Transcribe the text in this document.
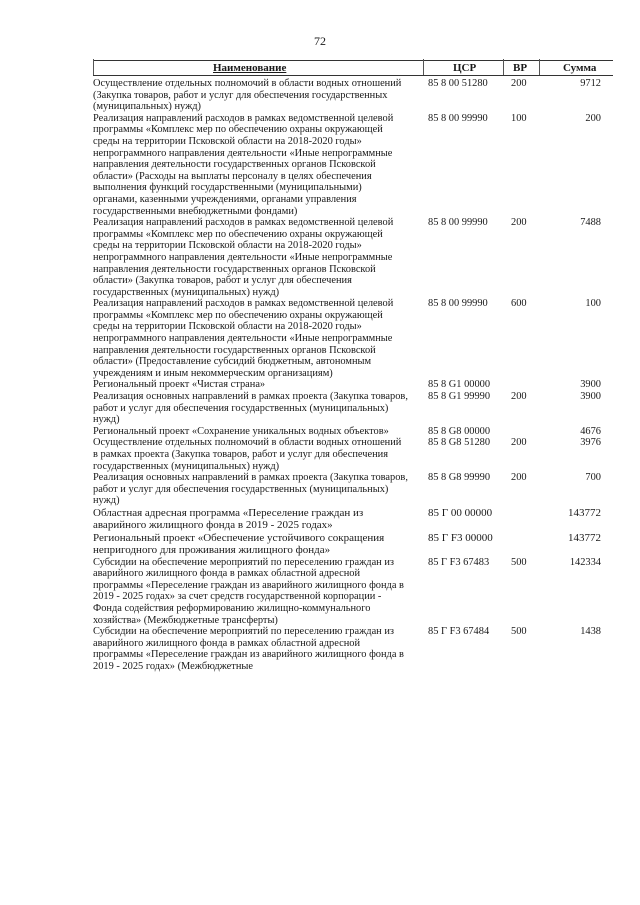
72
Наименование	ЦСР	ВР	Сумма
Осуществление отдельных полномочий в области водных отношений (Закупка товаров, работ и услуг для обеспечения государственных (муниципальных) нужд)
85 8 00 51280 200	9712
Реализация направлений расходов в рамках ведомственной целевой программы «Комплекс мер по обеспечению охраны окружающей среды на территории Псковской области на 2018-2020 годы» непрограммного направления деятельности «Иные непрограммные направления деятельности государственных органов Псковской области» (Расходы на выплаты персоналу в целях обеспечения выполнения функций государственными (муниципальными) органами, казенными учреждениями, органами управления государственными внебюджетными фондами)
85 8 00 99990 100	200
Реализация направлений расходов в рамках ведомственной целевой программы «Комплекс мер по обеспечению охраны окружающей среды на территории Псковской области на 2018-2020 годы» непрограммного направления деятельности «Иные непрограммные направления деятельности государственных органов Псковской области» (Закупка товаров, работ и услуг для обеспечения государственных (муниципальных) нужд)
85 8 00 99990 200	7488
Реализация направлений расходов в рамках ведомственной целевой программы «Комплекс мер по обеспечению охраны окружающей среды на территории Псковской области на 2018-2020 годы» непрограммного направления деятельности «Иные непрограммные направления деятельности государственных органов Псковской области» (Предоставление субсидий бюджетным, автономным учреждениям и иным некоммерческим организациям)
85 8 00 99990 600	100
Региональный проект «Чистая страна»	85 8 G1 00000	3900
Реализация основных направлений в рамках проекта (Закупка товаров, работ и услуг для обеспечения государственных (муниципальных) нужд)
85 8 G1 99990 200	3900
Региональный проект «Сохранение уникальных водных объектов»	85 8 G8 00000	4676
Осуществление отдельных полномочий в области водных отношений в рамках проекта (Закупка товаров, работ и услуг для обеспечения государственных (муниципальных) нужд)
85 8 G8 51280 200	3976
Реализация основных направлений в рамках проекта (Закупка товаров, работ и услуг для обеспечения государственных (муниципальных) нужд)
85 8 G8 99990 200	700
Областная адресная программа «Переселение граждан из аварийного жилищного фонда в 2019 - 2025 годах»
85 Г 00 00000	143772
Региональный проект «Обеспечение устойчивого сокращения непригодного для проживания жилищного фонда»
85 Г F3 00000	143772
Субсидии на обеспечение мероприятий по переселению граждан из аварийного жилищного фонда в рамках областной адресной программы «Переселение граждан из аварийного жилищного фонда в 2019 - 2025 годах» за счет средств государственной корпорации - Фонда содействия реформированию жилищно-коммунального хозяйства» (Межбюджетные трансферты)
85 Г F3 67483 500	142334
Субсидии на обеспечение мероприятий по переселению граждан из аварийного жилищного фонда в рамках областной адресной программы «Переселение граждан из аварийного жилищного фонда в 2019 - 2025 годах» (Межбюджетные
85 Г F3 67484 500	1438
